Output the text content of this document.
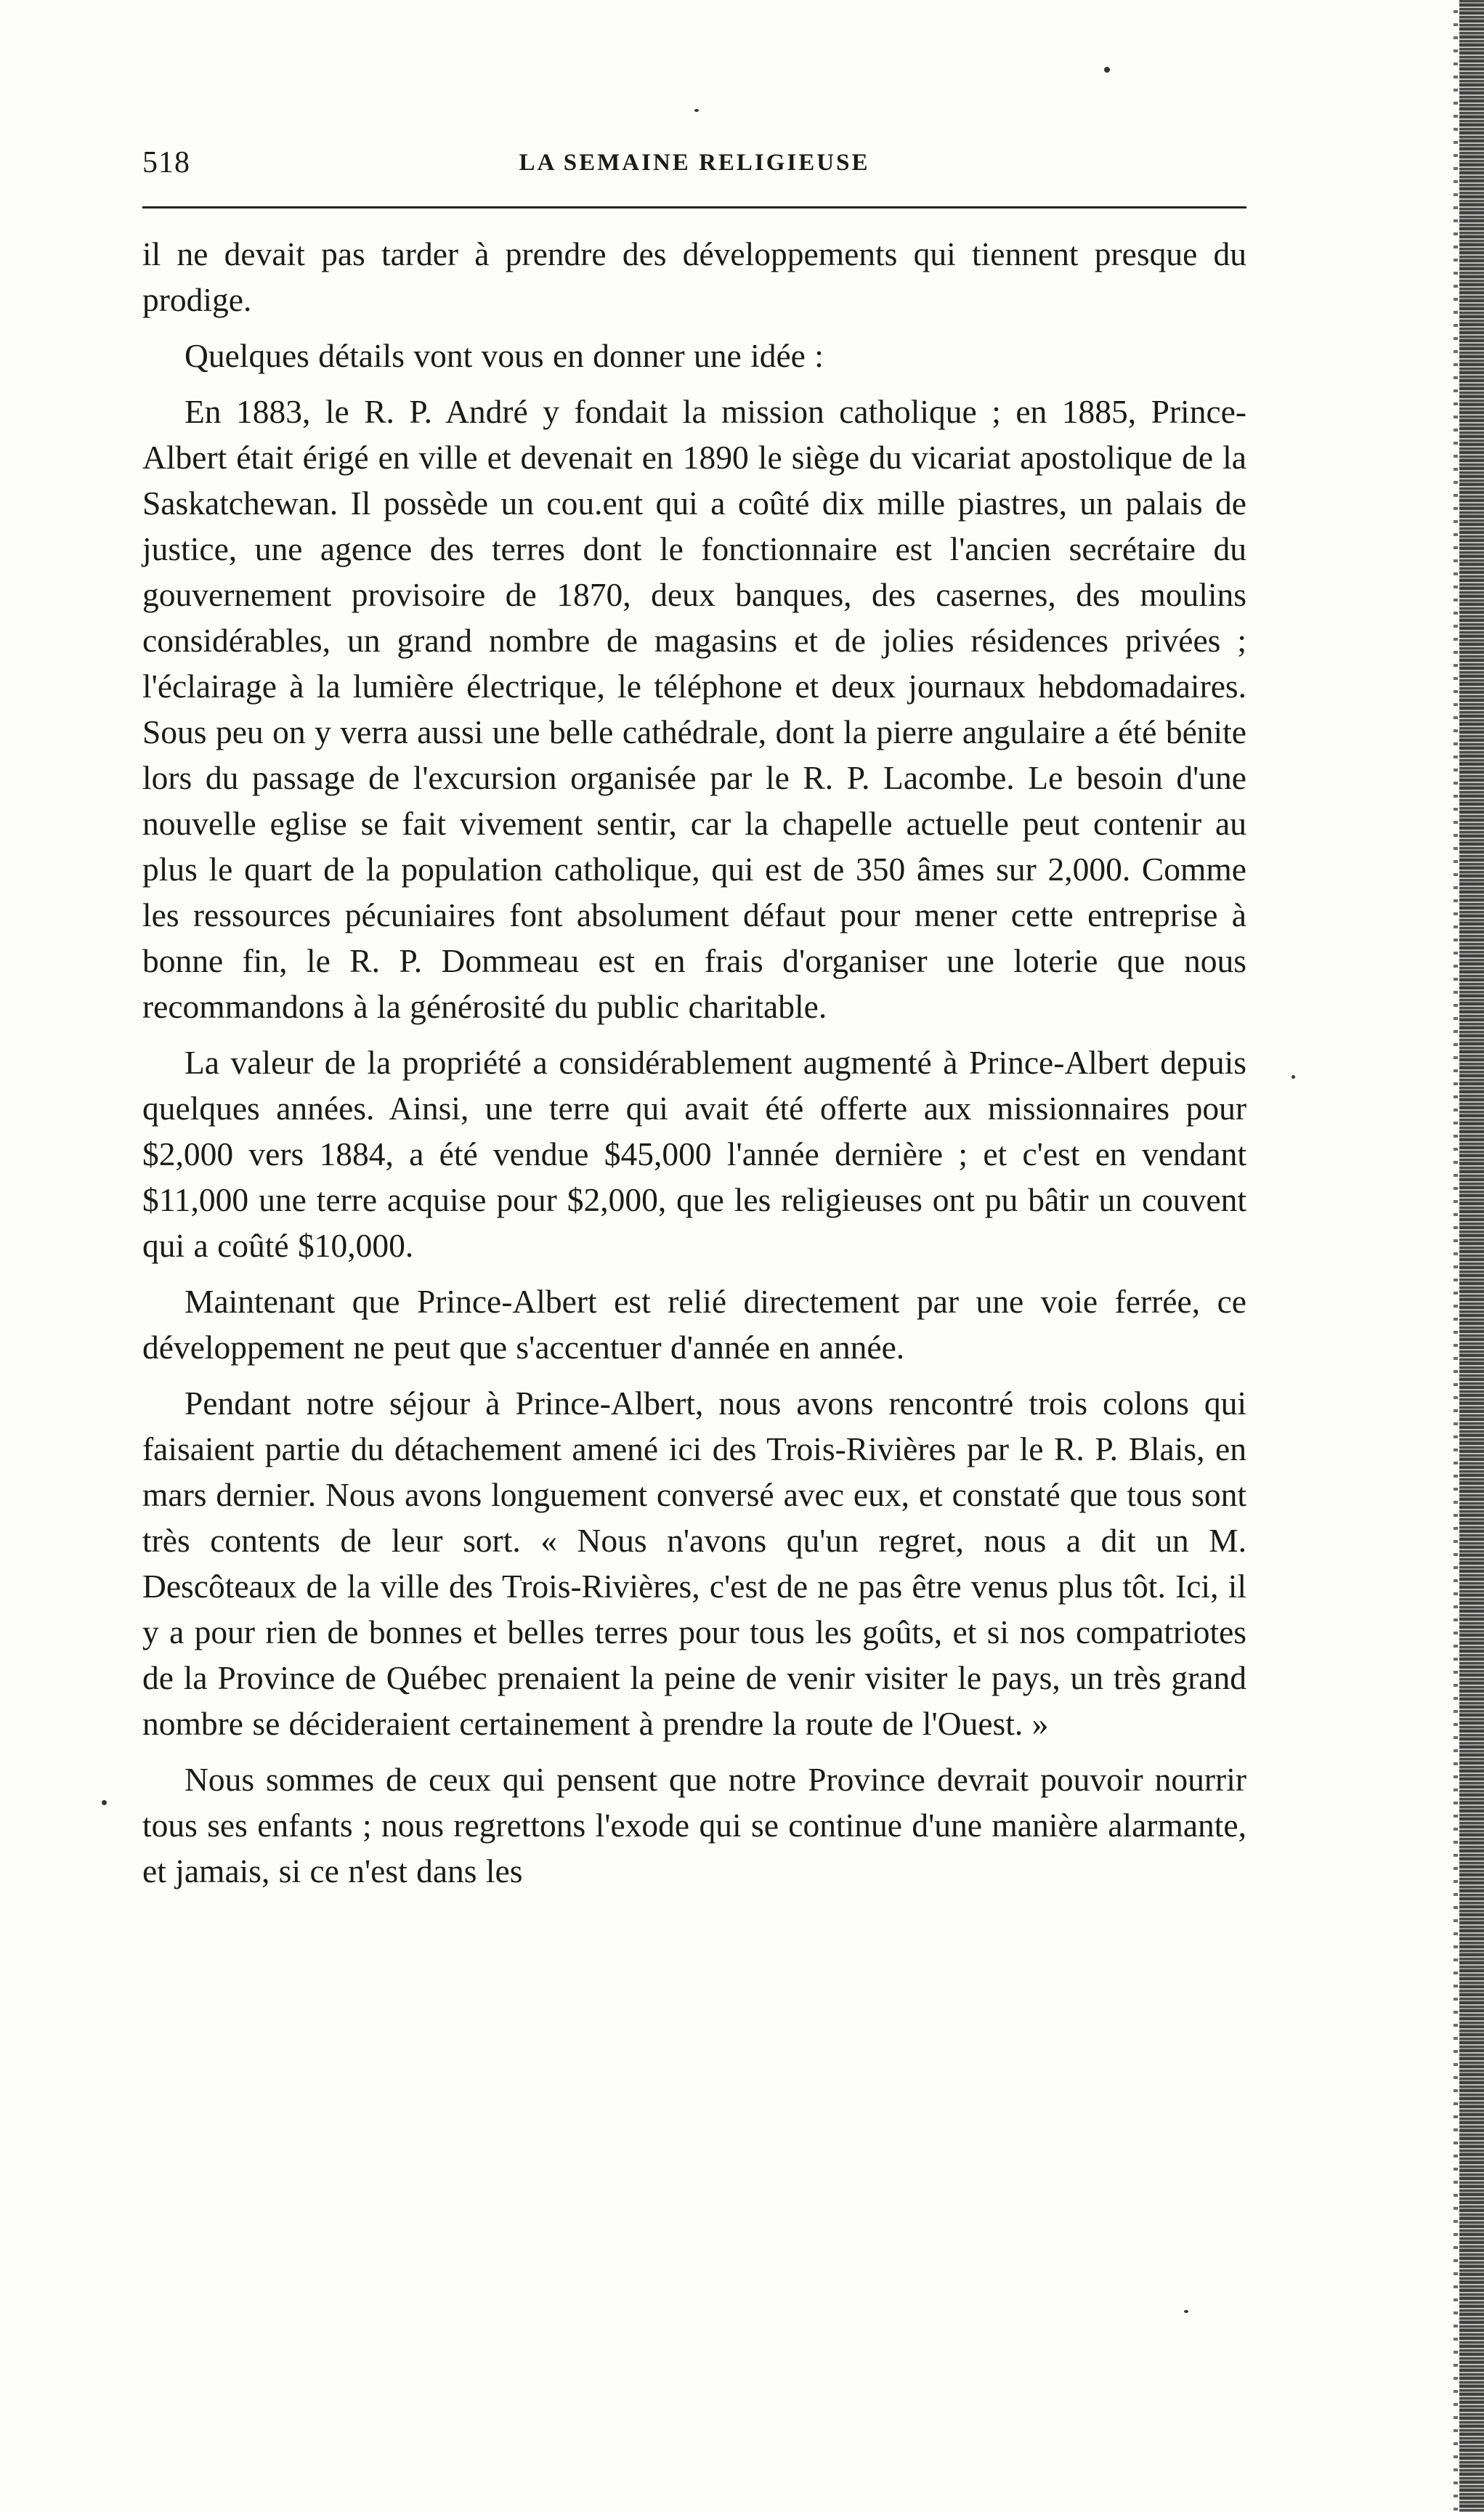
518	LA SEMAINE RELIGIEUSE

il ne devait pas tarder à prendre des développements qui tiennent presque du prodige.

Quelques détails vont vous en donner une idée :

En 1883, le R. P. André y fondait la mission catholique ; en 1885, Prince-Albert était érigé en ville et devenait en 1890 le siège du vicariat apostolique de la Saskatchewan. Il possède un cou.ent qui a coûté dix mille piastres, un palais de justice, une agence des terres dont le fonctionnaire est l'ancien secrétaire du gouvernement provisoire de 1870, deux banques, des casernes, des moulins considérables, un grand nombre de magasins et de jolies résidences privées ; l'éclairage à la lumière électrique, le téléphone et deux journaux hebdomadaires. Sous peu on y verra aussi une belle cathédrale, dont la pierre angulaire a été bénite lors du passage de l'excursion organisée par le R. P. Lacombe. Le besoin d'une nouvelle eglise se fait vivement sentir, car la chapelle actuelle peut contenir au plus le quart de la population catholique, qui est de 350 âmes sur 2,000. Comme les ressources pécuniaires font absolument défaut pour mener cette entreprise à bonne fin, le R. P. Dommeau est en frais d'organiser une loterie que nous recommandons à la générosité du public charitable.

La valeur de la propriété a considérablement augmenté à Prince-Albert depuis quelques années. Ainsi, une terre qui avait été offerte aux missionnaires pour $2,000 vers 1884, a été vendue $45,000 l'année dernière ; et c'est en vendant $11,000 une terre acquise pour $2,000, que les religieuses ont pu bâtir un couvent qui a coûté $10,000.

Maintenant que Prince-Albert est relié directement par une voie ferrée, ce développement ne peut que s'accentuer d'année en année.

Pendant notre séjour à Prince-Albert, nous avons rencontré trois colons qui faisaient partie du détachement amené ici des Trois-Rivières par le R. P. Blais, en mars dernier. Nous avons longuement conversé avec eux, et constaté que tous sont très contents de leur sort. « Nous n'avons qu'un regret, nous a dit un M. Descôteaux de la ville des Trois-Rivières, c'est de ne pas être venus plus tôt. Ici, il y a pour rien de bonnes et belles terres pour tous les goûts, et si nos compatriotes de la Province de Québec prenaient la peine de venir visiter le pays, un très grand nombre se décideraient certainement à prendre la route de l'Ouest. »

Nous sommes de ceux qui pensent que notre Province devrait pouvoir nourrir tous ses enfants ; nous regrettons l'exode qui se continue d'une manière alarmante, et jamais, si ce n'est dans les
